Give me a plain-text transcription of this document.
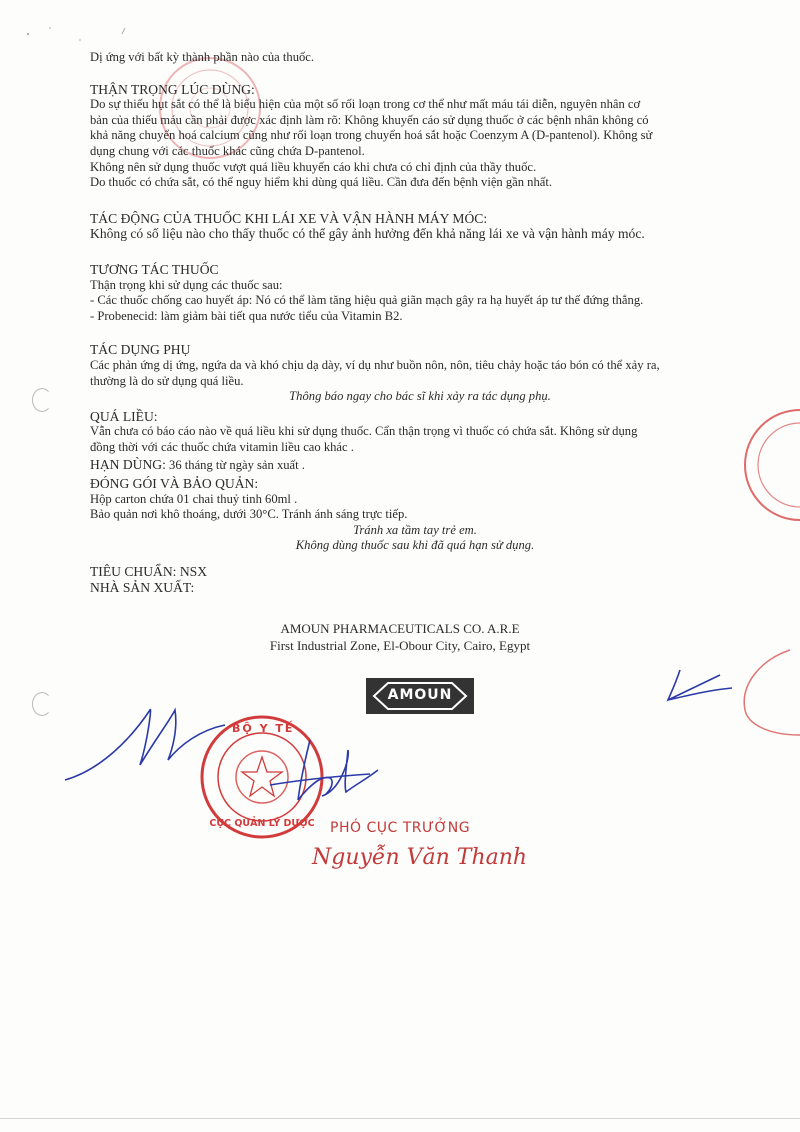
Dị ứng với bất kỳ thành phần nào của thuốc.

THẬN TRỌNG LÚC DÙNG:

Do sự thiếu hụt sắt có thể là biểu hiện của một số rối loạn trong cơ thể như mất máu tái diễn, nguyên nhân cơ

bản của thiếu máu cần phải được xác định làm rõ: Không khuyến cáo sử dụng thuốc ở các bệnh nhân không có

khả năng chuyển hoá calcium cũng như rối loạn trong chuyển hoá sắt hoặc Coenzym A (D-pantenol). Không sử

dụng chung với các thuốc khác cũng chứa D-pantenol.

Không nên sử dụng thuốc vượt quá liều khuyến cáo khi chưa có chỉ định của thầy thuốc.

Do thuốc có chứa sắt, có thể nguy hiểm khi dùng quá liều. Cần đưa đến bệnh viện gần nhất.

TÁC ĐỘNG CỦA THUỐC KHI LÁI XE VÀ VẬN HÀNH MÁY MÓC:

Không có số liệu nào cho thấy thuốc có thể gây ảnh hưởng đến khả năng lái xe và vận hành máy móc.

TƯƠNG TÁC THUỐC

Thận trọng khi sử dụng các thuốc sau:

- Các thuốc chống cao huyết áp: Nó có thể làm tăng hiệu quả giãn mạch gây ra hạ huyết áp tư thế đứng thẳng.

- Probenecid: làm giảm bài tiết qua nước tiểu của Vitamin B2.

TÁC DỤNG PHỤ

Các phản ứng dị ứng, ngứa da và khó chịu dạ dày, ví dụ như buồn nôn, nôn, tiêu chảy hoặc táo bón có thể xảy ra,

thường là do sử dụng quá liều.

Thông báo ngay cho bác sĩ khi xảy ra tác dụng phụ.

QUÁ LIỀU:

Vẫn chưa có báo cáo nào về quá liều khi sử dụng thuốc. Cẩn thận trọng vì thuốc có chứa sắt. Không sử dụng

đồng thời với các thuốc chứa vitamin liều cao khác .

HẠN DÙNG: 36 tháng từ ngày sản xuất .

ĐÓNG GÓI VÀ BẢO QUẢN:

Hộp carton chứa 01 chai thuỷ tinh 60ml .

Bảo quản nơi khô thoáng, dưới 30°C. Tránh ánh sáng trực tiếp.

Tránh xa tầm tay trẻ em.

Không dùng thuốc sau khi đã quá hạn sử dụng.

TIÊU CHUẨN: NSX

NHÀ SẢN XUẤT:

AMOUN PHARMACEUTICALS CO. A.R.E
First Industrial Zone, El-Obour City, Cairo, Egypt
AMOUN
BỘ Y TẾ
CỤC QUẢN LÝ DƯỢC	PHÓ CỤC TRƯỞNG
Nguyễn Văn Thanh
